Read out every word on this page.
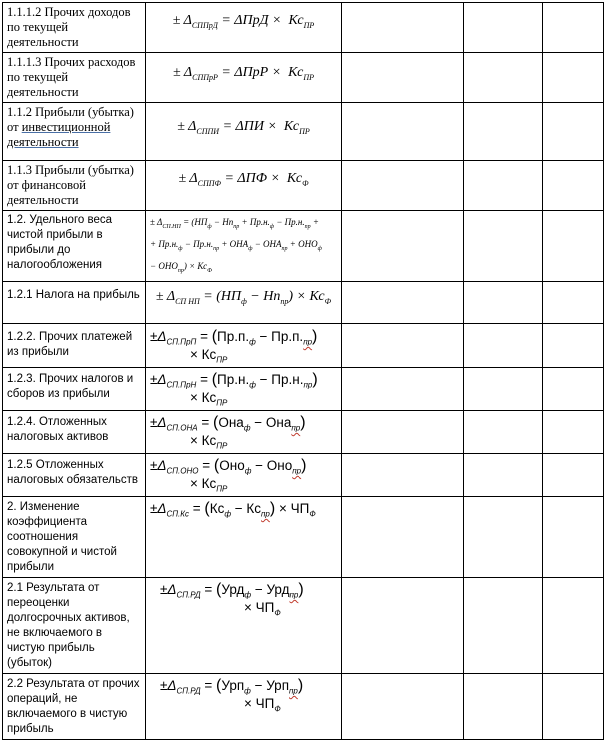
1.1.1.2 Прочих доходов по текущей деятельности	± $\Delta_{СППрД} = \Delta ПрД \times Кс_{ПР}$			
1.1.1.3 Прочих расходов по текущей деятельности	± $\Delta_{СППрР} = \Delta ПрР \times Кс_{ПР}$			
1.1.2 Прибыли (убытка) от инвестиционной деятельности	± $\Delta_{СППИ} = \Delta ПИ \times Кс_{ПР}$			
1.1.3 Прибыли (убытка) от финансовой деятельности	± $\Delta_{СППФ} = \Delta ПФ \times Кс_Ф$			
1.2. Удельного веса чистой прибыли в прибыли до налогообложения	± $\Delta_{СП.НП} = (НП_ф - Нп_{пр} + Пр.н._ф - Пр.н._{пр}$ +
+ $Пр.н._ф - Пр.н._{пр} + ОНА_ф - ОНА_{пр} + ОНО_ф$
− $ОНО_{пр}) \times Кс_Ф$

1.2.1 Налога на прибыль	± $\Delta_{СП НП} = (НП_ф - Нп_{пр}) \times Кс_Ф$			
1.2.2. Прочих платежей из прибыли	$\pm\Delta_{СП.ПрП} = (Пр.п._ф - Пр.п._{пр})$
× $Кс_{ПР}$

1.2.3. Прочих налогов и сборов из прибыли	$\pm\Delta_{СП.ПрН} = (Пр.н._ф - Пр.н._{пр})$
× $Кс_{ПР}$

1.2.4. Отложенных налоговых активов	$\pm\Delta_{СП.ОНА} = (Она_ф - Она_{пр})$
× $Кс_{ПР}$

1.2.5 Отложенных налоговых обязательств	$\pm\Delta_{СП.ОНО} = (Оно_ф - Оно_{пр})$
× $Кс_{ПР}$

2. Изменение коэффициента соотношения совокупной и чистой прибыли	$\pm\Delta_{СП.Кс} = (Кс_ф - Кс_{пр}) \times ЧП_Ф$

2.1 Результата от переоценки долгосрочных активов, не включаемого в чистую прибыль (убыток)	$\pm\Delta_{СП.РД} = (Урд_ф - Урд_{пр})$
× $ЧП_Ф$

2.2 Результата от прочих операций, не включаемого в чистую прибыль	$\pm\Delta_{СП.РД} = (Урп_ф - Урп_{пр})$
× $ЧП_Ф$
